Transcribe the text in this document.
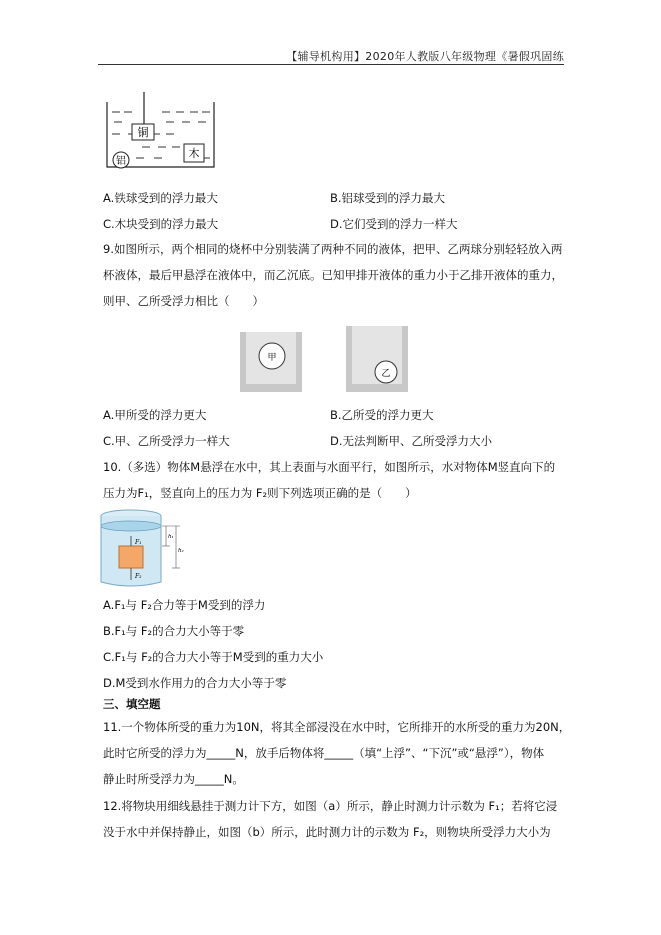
【辅导机构用】2020年人教版八年级物理《暑假巩固练
铜
木
铝
A.铁球受到的浮力最大	B.铝球受到的浮力最大
C.木块受到的浮力最大	D.它们受到的浮力一样大
9.如图所示，两个相同的烧杯中分别装满了两种不同的液体，把甲、乙两球分别轻轻放入两
杯液体，最后甲悬浮在液体中，而乙沉底。已知甲排开液体的重力小于乙排开液体的重力，
则甲、乙所受浮力相比（　　）
甲
乙
A.甲所受的浮力更大	B.乙所受的浮力更大
C.甲、乙所受浮力一样大	D.无法判断甲、乙所受浮力大小
10.（多选）物体M悬浮在水中，其上表面与水面平行，如图所示，水对物体M竖直向下的
压力为F₁，竖直向上的压力为 F₂则下列选项正确的是（　　）
F₁
F₂
h₁
h₂
A.F₁与 F₂合力等于M受到的浮力
B.F₁与 F₂的合力大小等于零
C.F₁与 F₂的合力大小等于M受到的重力大小
D.M受到水作用力的合力大小等于零
三、填空题
11.一个物体所受的重力为10N，将其全部浸没在水中时，它所排开的水所受的重力为20N，
此时它所受的浮力为_____N，放手后物体将_____（填“上浮”、“下沉”或“悬浮”），物体
静止时所受浮力为_____N。
12.将物块用细线悬挂于测力计下方，如图（a）所示，静止时测力计示数为 F₁；若将它浸
没于水中并保持静止，如图（b）所示，此时测力计的示数为 F₂，则物块所受浮力大小为
